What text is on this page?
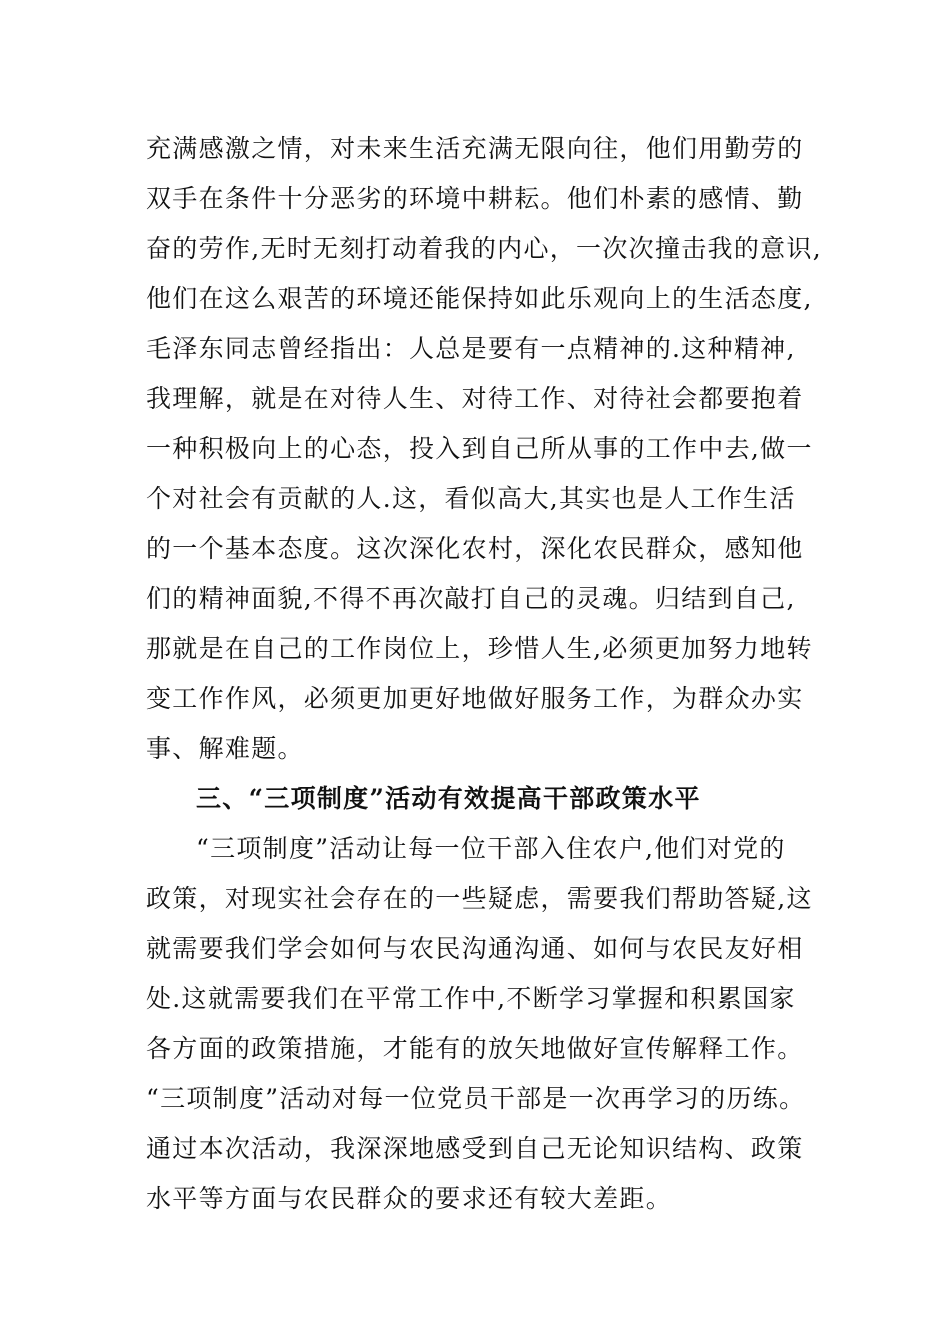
充满感激之情，对未来生活充满无限向往，他们用勤劳的
双手在条件十分恶劣的环境中耕耘。他们朴素的感情、勤
奋的劳作,无时无刻打动着我的内心，一次次撞击我的意识,
他们在这么艰苦的环境还能保持如此乐观向上的生活态度,
毛泽东同志曾经指出：人总是要有一点精神的.这种精神,
我理解，就是在对待人生、对待工作、对待社会都要抱着
一种积极向上的心态，投入到自己所从事的工作中去,做一
个对社会有贡献的人.这，看似高大,其实也是人工作生活
的一个基本态度。这次深化农村，深化农民群众，感知他
们的精神面貌,不得不再次敲打自己的灵魂。归结到自己,
那就是在自己的工作岗位上，珍惜人生,必须更加努力地转
变工作作风，必须更加更好地做好服务工作，为群众办实
事、解难题。
三、“三项制度”活动有效提高干部政策水平
“三项制度”活动让每一位干部入住农户,他们对党的
政策，对现实社会存在的一些疑虑，需要我们帮助答疑,这
就需要我们学会如何与农民沟通沟通、如何与农民友好相
处.这就需要我们在平常工作中,不断学习掌握和积累国家
各方面的政策措施，才能有的放矢地做好宣传解释工作。
“三项制度”活动对每一位党员干部是一次再学习的历练。
通过本次活动，我深深地感受到自己无论知识结构、政策
水平等方面与农民群众的要求还有较大差距。
